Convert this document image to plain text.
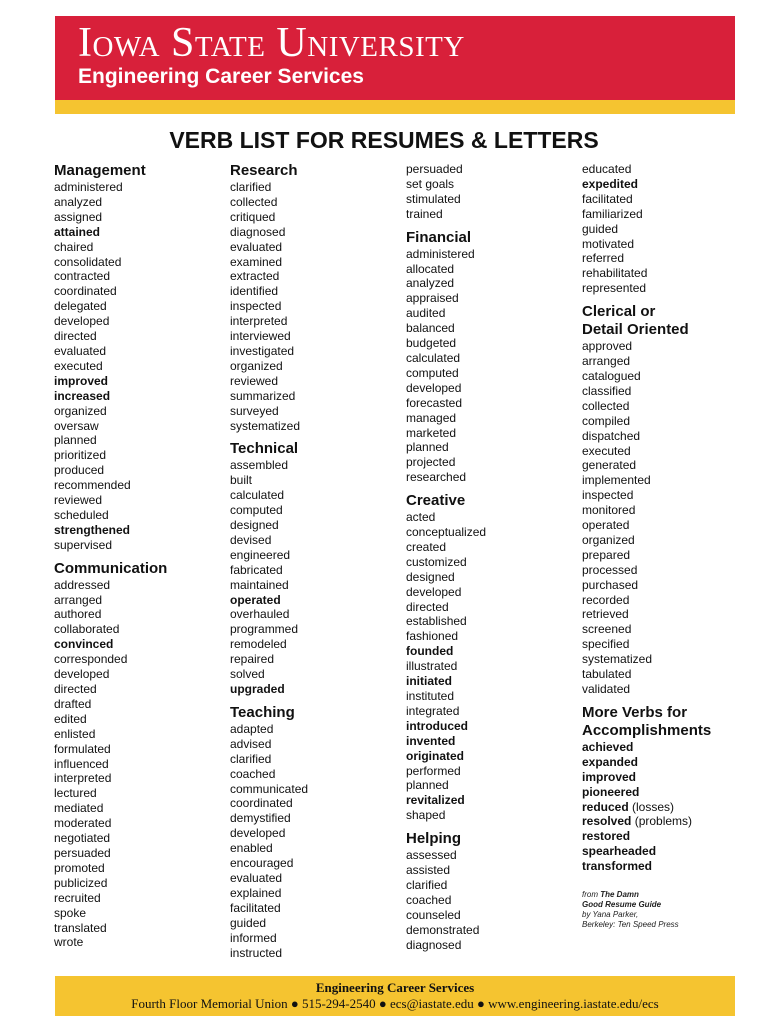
Iowa State University
Engineering Career Services
VERB LIST FOR RESUMES & LETTERS
Management
administered
analyzed
assigned
attained
chaired
consolidated
contracted
coordinated
delegated
developed
directed
evaluated
executed
improved
increased
organized
oversaw
planned
prioritized
produced
recommended
reviewed
scheduled
strengthened
supervised
Communication
addressed
arranged
authored
collaborated
convinced
corresponded
developed
directed
drafted
edited
enlisted
formulated
influenced
interpreted
lectured
mediated
moderated
negotiated
persuaded
promoted
publicized
recruited
spoke
translated
wrote
Research
clarified
collected
critiqued
diagnosed
evaluated
examined
extracted
identified
inspected
interpreted
interviewed
investigated
organized
reviewed
summarized
surveyed
systematized
Technical
assembled
built
calculated
computed
designed
devised
engineered
fabricated
maintained
operated
overhauled
programmed
remodeled
repaired
solved
upgraded
Teaching
adapted
advised
clarified
coached
communicated
coordinated
demystified
developed
enabled
encouraged
evaluated
explained
facilitated
guided
informed
instructed
persuaded
set goals
stimulated
trained
Financial
administered
allocated
analyzed
appraised
audited
balanced
budgeted
calculated
computed
developed
forecasted
managed
marketed
planned
projected
researched
Creative
acted
conceptualized
created
customized
designed
developed
directed
established
fashioned
founded
illustrated
initiated
instituted
integrated
introduced
invented
originated
performed
planned
revitalized
shaped
Helping
assessed
assisted
clarified
coached
counseled
demonstrated
diagnosed
educated
expedited
facilitated
familiarized
guided
motivated
referred
rehabilitated
represented
Clerical or
Detail Oriented
approved
arranged
catalogued
classified
collected
compiled
dispatched
executed
generated
implemented
inspected
monitored
operated
organized
prepared
processed
purchased
recorded
retrieved
screened
specified
systematized
tabulated
validated
More Verbs for
Accomplishments
achieved
expanded
improved
pioneered
reduced (losses)
resolved (problems)
restored
spearheaded
transformed
from The Damn
Good Resume Guide
by Yana Parker,
Berkeley: Ten Speed Press
Engineering Career Services
Fourth Floor Memorial Union ● 515-294-2540 ● ecs@iastate.edu ● www.engineering.iastate.edu/ecs
